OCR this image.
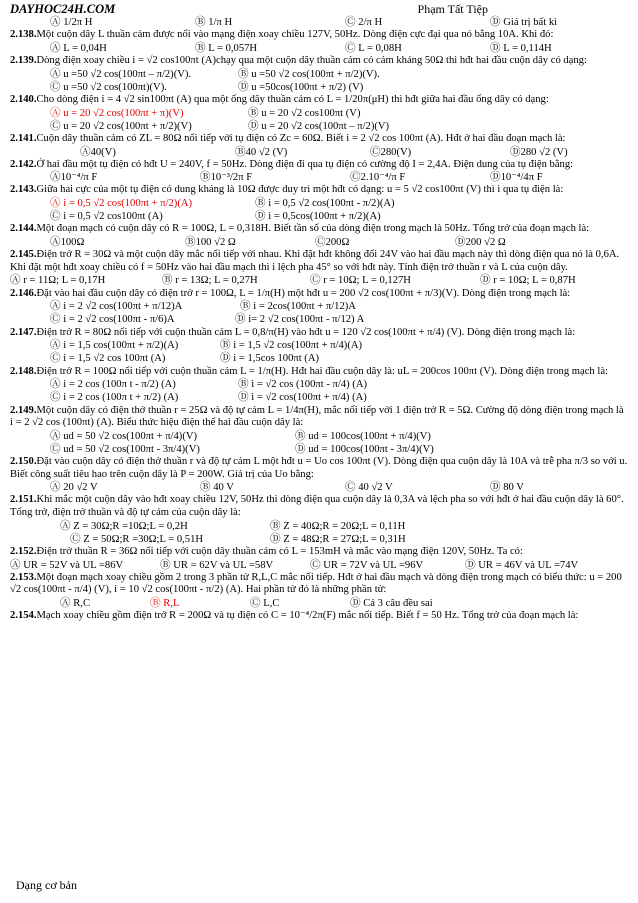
DAYHOC24H.COM	Phạm Tất Tiệp
Ⓐ 1/2π H	Ⓑ 1/π H	Ⓒ 2/π H	Ⓓ Giá trị bất kì

2.138.Một cuộn dây L thuần cảm được nối vào mạng điện xoay chiều 127V, 50Hz. Dòng điện cực đại qua nó bằng 10A. Khi đó:

Ⓐ L = 0,04H	Ⓑ L = 0,057H	Ⓒ L = 0,08H	Ⓓ L = 0,114H

2.139.Dòng điện xoay chiều i = √2 cos100πt (A)chạy qua một cuộn dây thuần cảm có cảm kháng 50Ω thì hđt hai đầu cuộn dây có dạng:

Ⓐ u =50 √2 cos(100πt – π/2)(V).	Ⓑ u =50 √2 cos(100πt + π/2)(V).
Ⓒ u =50 √2 cos(100πt)(V).	Ⓓ u =50cos(100πt + π/2) (V)

2.140.Cho dòng điện i = 4 √2 sin100πt (A) qua một ống dây thuần cảm có L = 1/20π(μH) thì hđt giữa hai đầu ống dây có dạng:

Ⓐ u = 20 √2 cos(100πt + π)(V)	Ⓑ u = 20 √2 cos100πt (V)
Ⓒ u = 20 √2 cos(100πt + π/2)(V)	Ⓓ u = 20 √2 cos(100πt – π/2)(V)

2.141.Cuộn dây thuần cảm có ZL = 80Ω nối tiếp với tụ điện có Zc = 60Ω. Biết i = 2 √2 cos 100πt (A). Hđt ở hai đầu đoạn mạch là:

Ⓐ40(V)	Ⓑ40 √2 (V)	Ⓒ280(V)	Ⓓ280 √2 (V)

2.142.Ở hai đầu một tụ điện có hđt U = 240V, f = 50Hz. Dòng điện đi qua tụ điện có cường độ I = 2,4A. Điện dung của tụ điện bằng:

Ⓐ10⁻⁴/π F	Ⓑ10⁻³/2π F	Ⓒ2.10⁻⁴/π F	Ⓓ10⁻⁴/4π F

2.143.Giữa hai cực của một tụ điện có dung kháng là 10Ω được duy trì một hđt có dạng: u = 5 √2 cos100πt (V) thì i qua tụ điện là:

Ⓐ i = 0,5 √2 cos(100πt + π/2)(A)	Ⓑ i = 0,5 √2 cos(100πt - π/2)(A)
Ⓒ i = 0,5 √2 cos100πt (A)	Ⓓ i = 0,5cos(100πt + π/2)(A)

2.144.Một đoạn mạch có cuộn dây có R = 100Ω, L = 0,318H. Biết tần số của dòng điện trong mạch là 50Hz. Tổng trở của đoạn mạch là:

Ⓐ100Ω	Ⓑ100 √2 Ω	Ⓒ200Ω	Ⓓ200 √2 Ω

2.145.Điện trở R = 30Ω và một cuộn dây mắc nối tiếp với nhau. Khi đặt hđt không đổi 24V vào hai đầu mạch này thì dòng điện qua nó là 0,6A. Khi đặt một hđt xoay chiều có f = 50Hz vào hai đầu mạch thì i lệch pha 45° so với hđt này. Tính điện trở thuần r và L của cuộn dây.

Ⓐ r = 11Ω; L = 0,17H	Ⓑ r = 13Ω; L = 0,27H	Ⓒ r = 10Ω; L = 0,127H	Ⓓ r = 10Ω; L = 0,87H

2.146.Đặt vào hai đầu cuộn dây có điện trở r = 100Ω, L = 1/π(H) một hđt u = 200 √2 cos(100πt + π/3)(V). Dòng điện trong mạch là:

Ⓐ i = 2 √2 cos(100πt + π/12)A	Ⓑ i = 2cos(100πt + π/12)A
Ⓒ i = 2 √2 cos(100πt - π/6)A	Ⓓ i= 2 √2 cos(100πt - π/12) A

2.147.Điện trở R = 80Ω nối tiếp với cuộn thuần cảm L = 0,8/π(H) vào hđt u = 120 √2 cos(100πt + π/4) (V). Dòng điện trong mạch là:

Ⓐ i = 1,5 cos(100πt + π/2)(A)	Ⓑ i = 1,5 √2 cos(100πt + π/4)(A)
Ⓒ i = 1,5 √2 cos 100πt (A)	Ⓓ i = 1,5cos 100πt (A)

2.148.Điện trở R = 100Ω nối tiếp với cuộn thuần cảm L = 1/π(H). Hđt hai đầu cuộn dây là: uL = 200cos 100πt (V). Dòng điện trong mạch là:

Ⓐ i = 2 cos (100π t - π/2) (A)	Ⓑ i = √2 cos (100πt - π/4) (A)
Ⓒ i = 2 cos (100π t + π/2) (A)	Ⓓ i = √2 cos(100πt + π/4) (A)

2.149.Một cuộn dây có điện thở thuần r = 25Ω và độ tự cảm L = 1/4π(H), mắc nối tiếp với 1 điện trở R = 5Ω. Cường độ dòng điện trong mạch là i = 2 √2 cos (100πt) (A). Biểu thức hiệu điện thế hai đầu cuộn dây là:

Ⓐ ud = 50 √2 cos(100πt + π/4)(V)	Ⓑ ud = 100cos(100πt + π/4)(V)
Ⓒ ud = 50 √2 cos(100πt - 3π/4)(V)	Ⓓ ud = 100cos(100πt - 3π/4)(V)

2.150.Đặt vào cuộn dây có điện thở thuần r và độ tự cảm L một hđt u = Uo cos 100πt (V). Dòng điện qua cuộn dây là 10A và trễ pha π/3 so với u. Biết công suất tiêu hao trên cuộn dây là P = 200W. Giá trị của Uo bằng:

Ⓐ 20 √2 V	Ⓑ 40 V	Ⓒ 40 √2 V	Ⓓ 80 V

2.151.Khi mắc một cuộn dây vào hđt xoay chiều 12V, 50Hz thì dòng điện qua cuộn dây là 0,3A và lệch pha so với hđt ở hai đầu cuộn dây là 60°. Tổng trở, điện trở thuần và độ tự cảm của cuộn dây là:

Ⓐ Z = 30Ω;R =10Ω;L = 0,2H	Ⓑ Z = 40Ω;R = 20Ω;L = 0,11H
Ⓒ Z = 50Ω;R =30Ω;L = 0,51H	Ⓓ Z = 48Ω;R = 27Ω;L = 0,31H

2.152.Điện trở thuần R = 36Ω nối tiếp với cuộn dây thuần cảm có L = 153mH và mắc vào mạng điện 120V, 50Hz. Ta có:

Ⓐ UR = 52V và UL =86V	Ⓑ UR = 62V và UL =58V	Ⓒ UR = 72V và UL =96V	Ⓓ UR = 46V và UL =74V

2.153.Một đoạn mạch xoay chiều gồm 2 trong 3 phần tử R,L,C mắc nối tiếp. Hđt ở hai đầu mạch và dòng điện trong mạch có biểu thức: u = 200 √2 cos(100πt - π/4) (V), i = 10 √2 cos(100πt - π/2) (A). Hai phần tử đó là những phần tử:

Ⓐ R,C	Ⓑ R,L	Ⓒ L,C	Ⓓ Cả 3 câu đều sai

2.154.Mạch xoay chiều gồm điện trở R = 200Ω và tụ điện có C = 10⁻⁴/2π(F) mắc nối tiếp. Biết f = 50 Hz. Tổng trở của đoạn mạch là:

Dạng cơ bản
